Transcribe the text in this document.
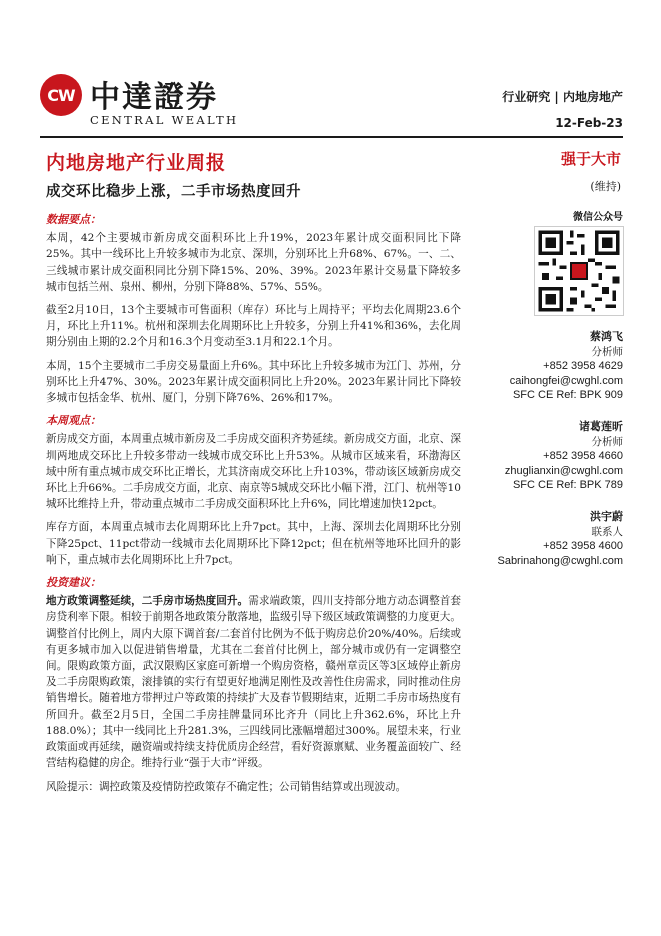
CW 中達證券
CENTRAL WEALTH
行业研究 | 内地房地产
12-Feb-23
内地房地产行业周报
成交环比稳步上涨，二手市场热度回升
强于大市
(维持)
数据要点：

本周，42个主要城市新房成交面积环比上升19%，2023年累计成交面积同比下降25%。其中一线环比上升较多城市为北京、深圳，分别环比上升68%、67%。一、二、三线城市累计成交面积同比分别下降15%、20%、39%。2023年累计交易量下降较多城市包括兰州、泉州、柳州，分别下降88%、57%、55%。

截至2月10日，13个主要城市可售面积（库存）环比与上周持平；平均去化周期23.6个月，环比上升11%。杭州和深圳去化周期环比上升较多，分别上升41%和36%，去化周期分别由上期的2.2个月和16.3个月变动至3.1月和22.1个月。

本周，15个主要城市二手房交易量面上升6%。其中环比上升较多城市为江门、苏州，分别环比上升47%、30%。2023年累计成交面积同比上升20%。2023年累计同比下降较多城市包括金华、杭州、厦门，分别下降76%、26%和17%。

本周观点：

新房成交方面，本周重点城市新房及二手房成交面积齐势延续。新房成交方面，北京、深圳两地成交环比上升较多带动一线城市成交环比上升53%。从城市区域来看，环渤海区域中所有重点城市成交环比正增长，尤其济南成交环比上升103%，带动该区域新房成交环比上升66%。二手房成交方面，北京、南京等5城成交环比小幅下滑，江门、杭州等10城环比维持上升，带动重点城市二手房成交面积环比上升6%，同比增速加快12pct。

库存方面，本周重点城市去化周期环比上升7pct。其中，上海、深圳去化周期环比分别下降25pct、11pct带动一线城市去化周期环比下降12pct；但在杭州等地环比回升的影响下，重点城市去化周期环比上升7pct。

投资建议：

地方政策调整延续，二手房市场热度回升。需求端政策，四川支持部分地方动态调整首套房贷利率下限。相较于前期各地政策分散落地，监级引导下级区域政策调整的力度更大。调整首付比例上，周内大原下调首套/二套首付比例为不低于购房总价20%/40%。后续或有更多城市加入以促进销售增量，尤其在二套首付比例上，部分城市或仍有一定调整空间。限购政策方面，武汉限购区家庭可新增一个购房资格，赣州章贡区等3区域停止新房及二手房限购政策，滚排镇的实行有望更好地满足刚性及改善性住房需求，同时推动住房销售增长。随着地方带押过户等政策的持续扩大及春节假期结束，近期二手房市场热度有所回升。截至2月5日，全国二手房挂牌量同环比齐升（同比上升362.6%，环比上升188.0%）；其中一线同比上升281.3%，三四线同比涨幅增超过300%。展望未来，行业政策面或再延续，融资端或持续支持优质房企经营，看好资源禀赋、业务覆盖面较广、经营结构稳健的房企。维持行业“强于大市”评级。

风险提示：调控政策及疫情防控政策存不确定性；公司销售结算或出现波动。

微信公众号
蔡鸿飞
分析师
+852 3958 4629
caihongfei@cwghl.com
SFC CE Ref: BPK 909
诸葛莲昕
分析师
+852 3958 4660
zhuglianxin@cwghl.com
SFC CE Ref: BPK 789
洪宇蔚
联系人
+852 3958 4600
Sabrinahong@cwghl.com
